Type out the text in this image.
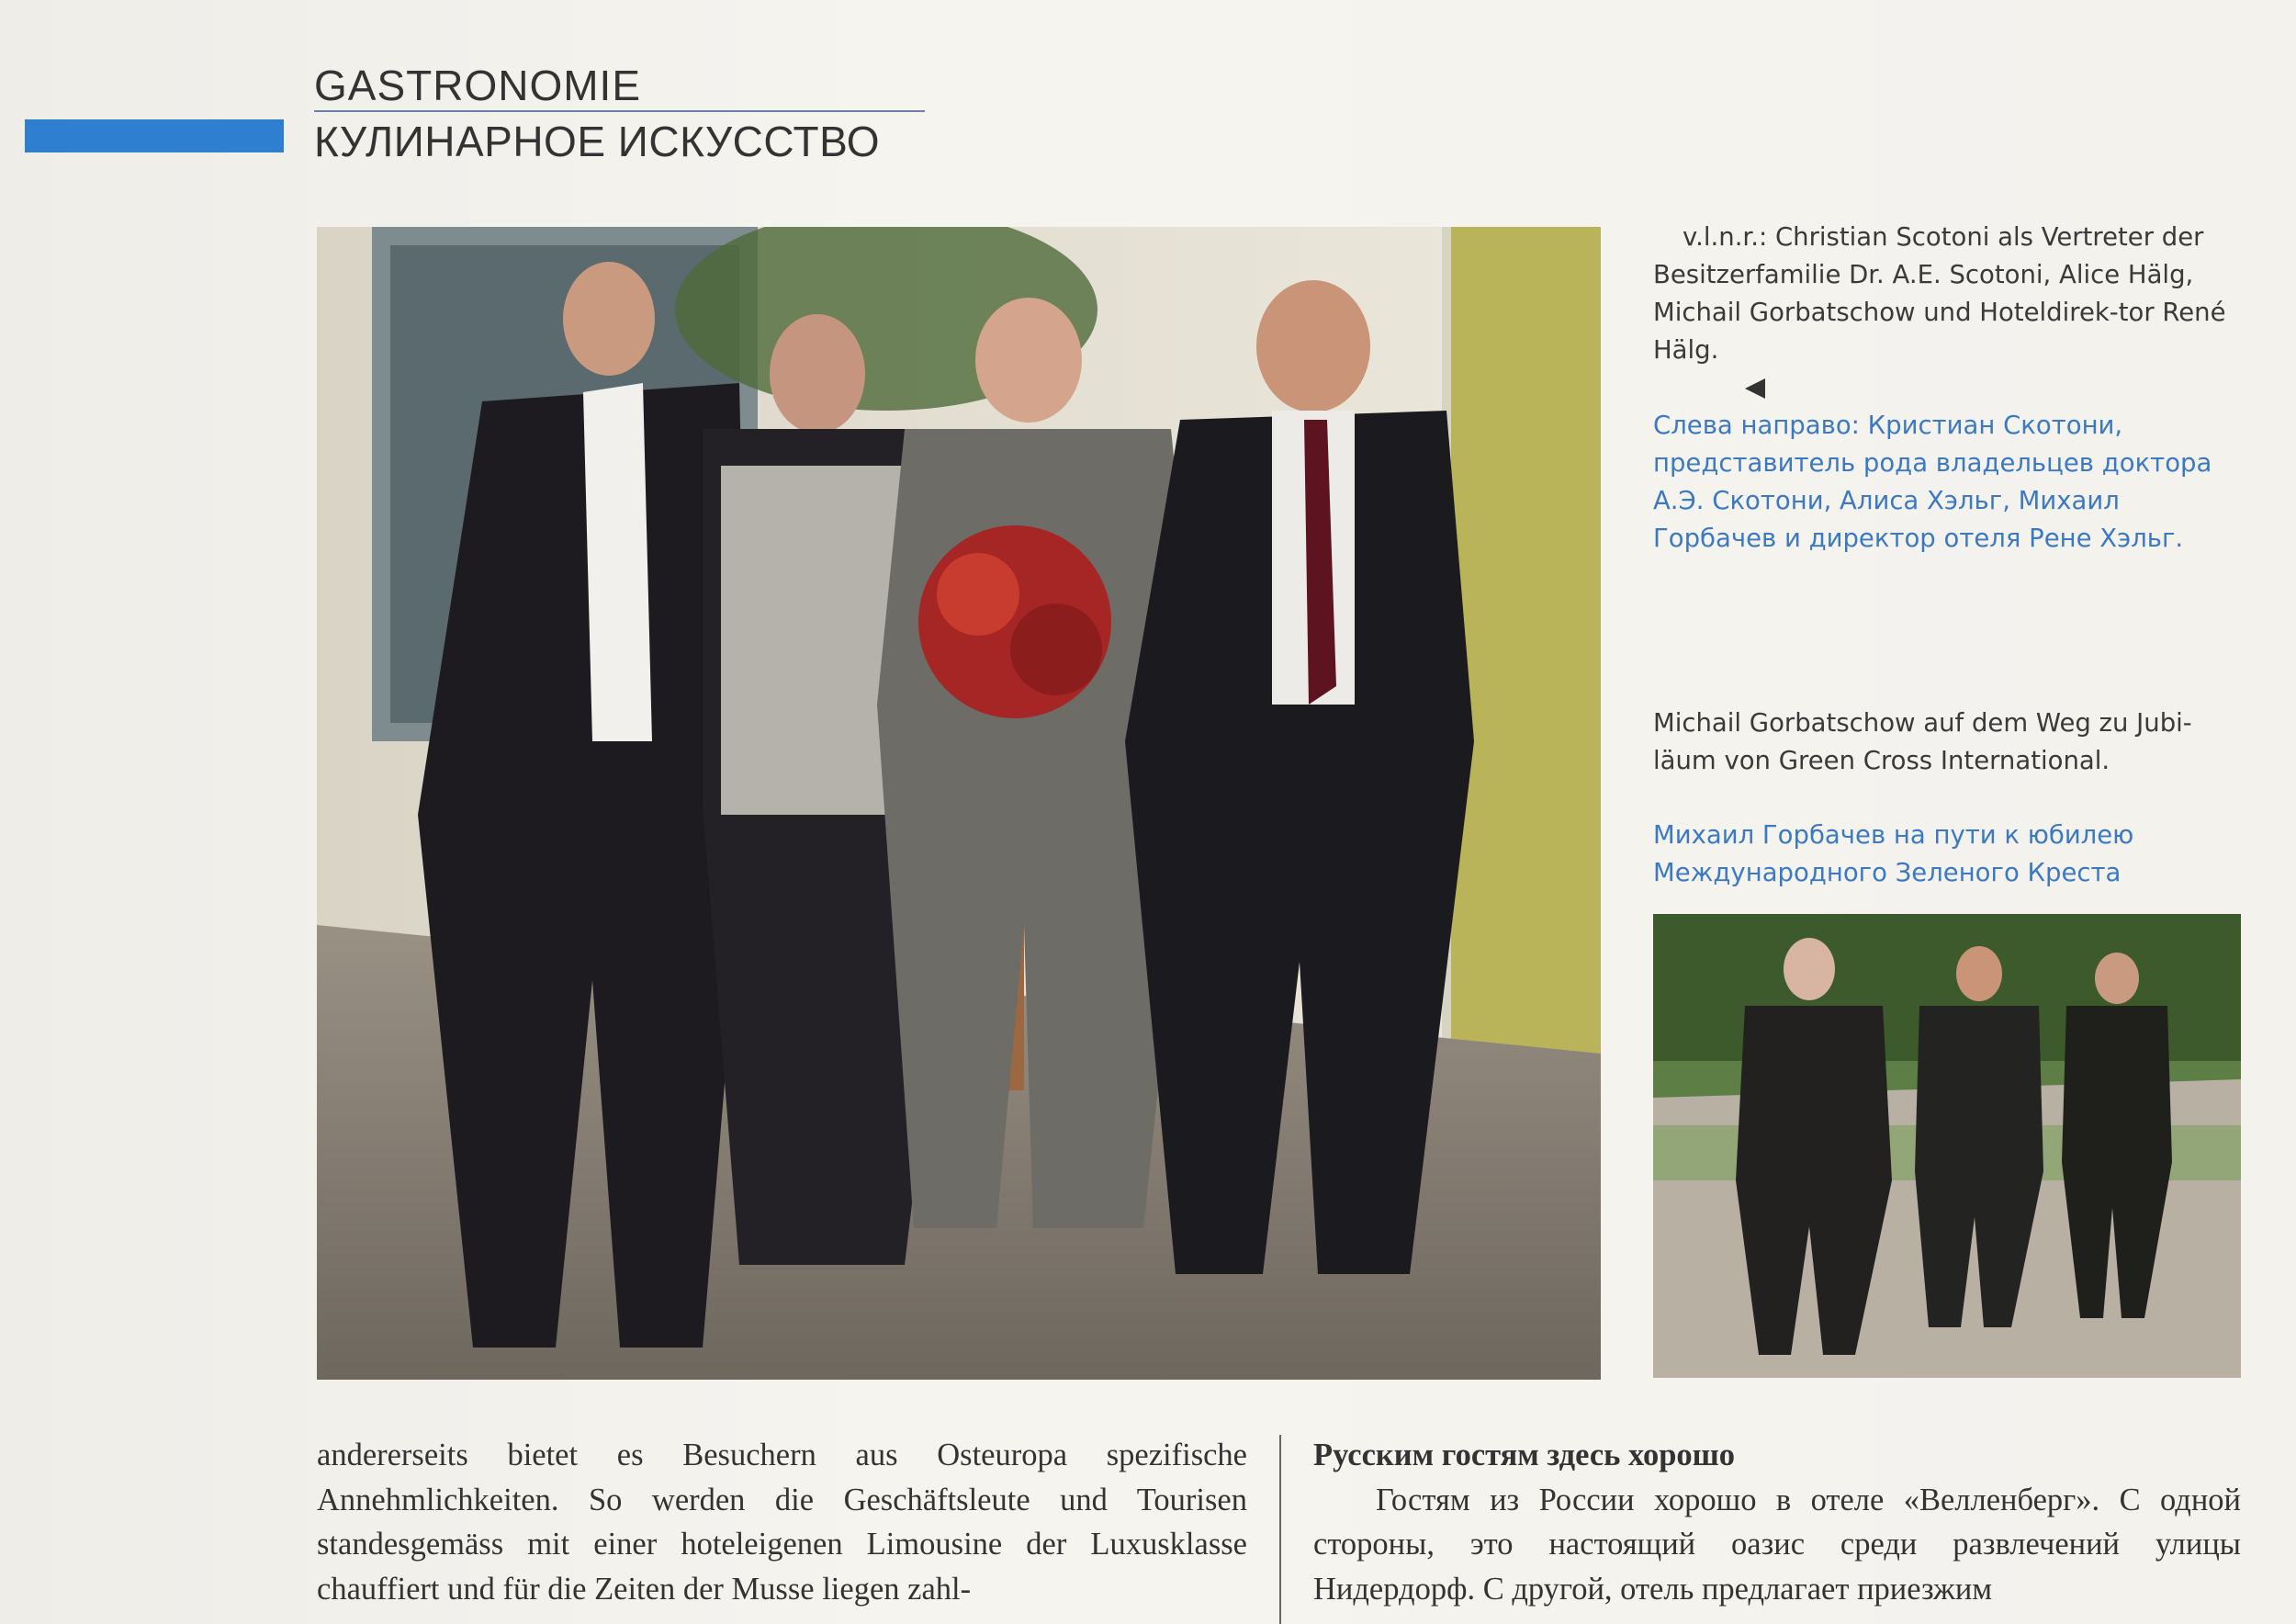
GASTRONOMIE
КУЛИНАРНОЕ ИСКУССТВО
v.l.n.r.: Christian Scotoni als Vertreter der Besitzerfamilie Dr. A.E. Scotoni, Alice Hälg, Michail Gorbatschow und Hoteldirek-tor René Hälg.
Слева направо: Кристиан Скотони, представитель рода владельцев доктора А.Э. Скотони, Алиса Хэльг, Михаил Горбачев и директор отеля Рене Хэльг.
Michail Gorbatschow auf dem Weg zu Jubi-läum von Green Cross International.
Михаил Горбачев на пути к юбилею Международного Зеленого Креста
andererseits bietet es Besuchern aus Osteuropa spezifische Annehmlichkeiten. So werden die Geschäftsleute und Tourisen standesgemäss mit einer hoteleigenen Limousine der Luxusklasse chauffiert und für die Zeiten der Musse liegen zahl-
Русским гостям здесь хорошо
Гостям из России хорошо в отеле «Велленберг». С одной стороны, это настоящий оазис среди развлечений улицы Нидердорф. С другой, отель предлагает приезжим
